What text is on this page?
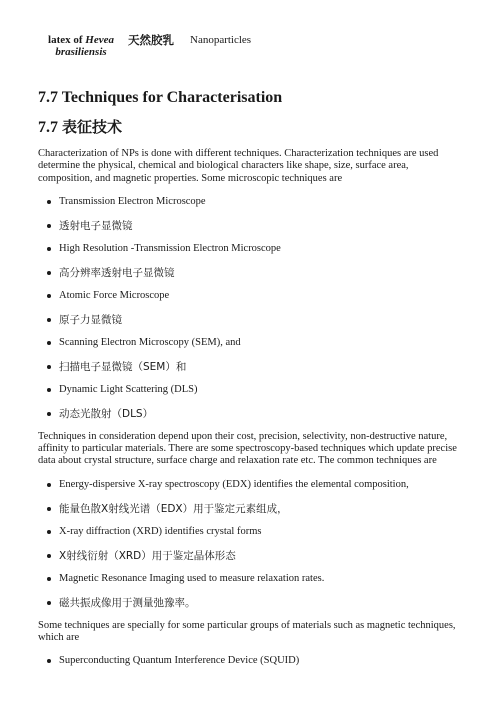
latex of Hevea
brasiliensis
天然胶乳 Nanoparticles
7.7 Techniques for Characterisation
7.7 表征技术

Characterization of NPs is done with different techniques. Characterization techniques are used determine the physical, chemical and biological characters like shape, size, surface area, composition, and magnetic properties. Some microscopic techniques are

Transmission Electron Microscope
透射电子显微镜
High Resolution -Transmission Electron Microscope
高分辨率透射电子显微镜
Atomic Force Microscope
原子力显微镜
Scanning Electron Microscopy (SEM), and
扫描电子显微镜（SEM）和
Dynamic Light Scattering (DLS)
动态光散射（DLS）

Techniques in consideration depend upon their cost, precision, selectivity, non-destructive nature, affinity to particular materials. There are some spectroscopy-based techniques which update precise data about crystal structure, surface charge and relaxation rate etc. The common techniques are

Energy-dispersive X-ray spectroscopy (EDX) identifies the elemental composition,
能量色散X射线光谱（EDX）用于鉴定元素组成，
X-ray diffraction (XRD) identifies crystal forms
X射线衍射（XRD）用于鉴定晶体形态
Magnetic Resonance Imaging used to measure relaxation rates.
磁共振成像用于测量弛豫率。

Some techniques are specially for some particular groups of materials such as magnetic techniques, which are

Superconducting Quantum Interference Device (SQUID)
